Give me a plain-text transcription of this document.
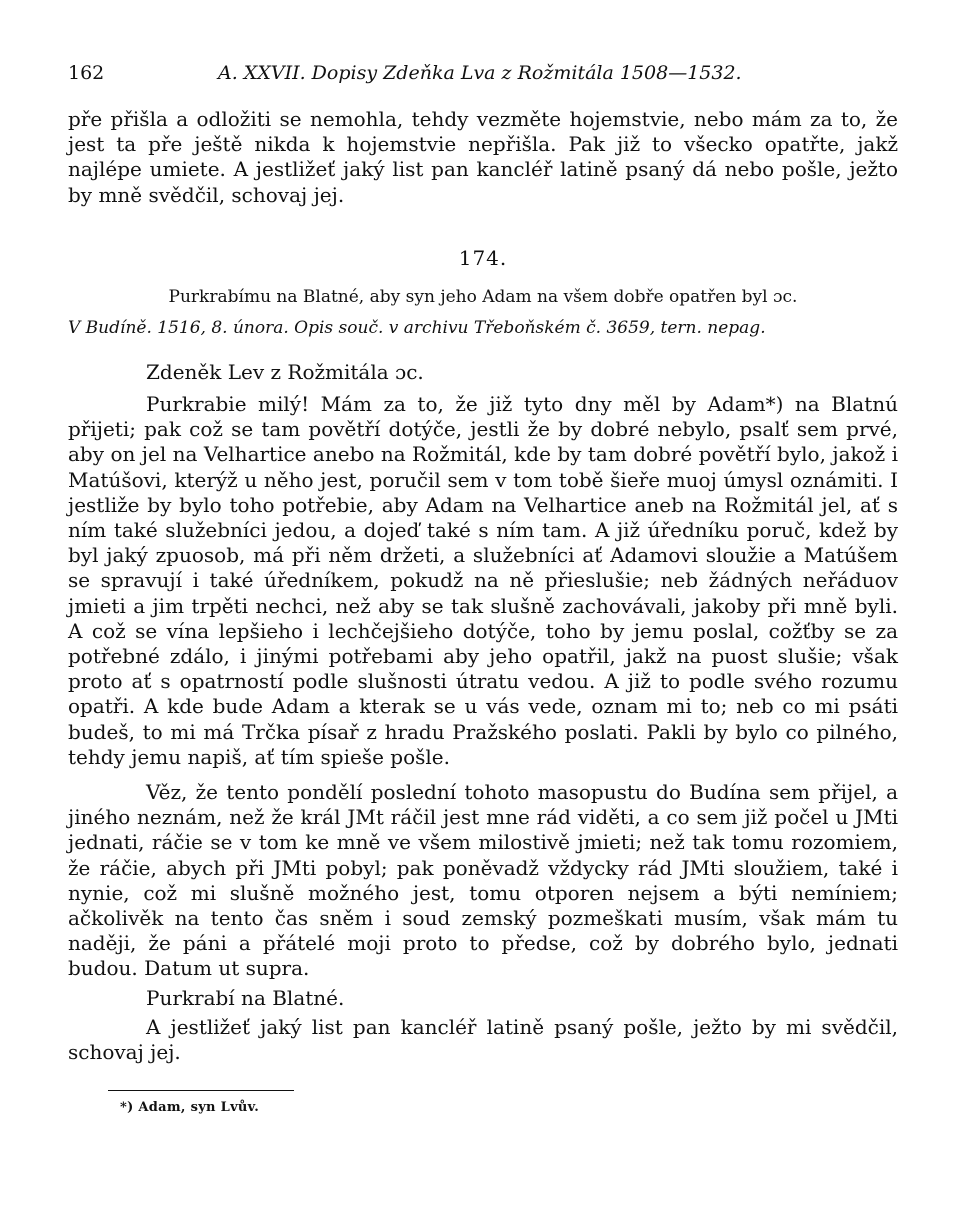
162	A. XXVII. Dopisy Zdeňka Lva z Rožmitála 1508—1532.

pře přišla a odložiti se nemohla, tehdy vezměte hojemstvie, nebo mám za to, že jest ta pře ještě nikda k hojemstvie nepřišla. Pak již to všecko opatřte, jakž najlépe umiete. A jestližeť jaký list pan kancléř latině psaný dá nebo pošle, ježto by mně svědčil, schovaj jej.

174.
Purkrabímu na Blatné, aby syn jeho Adam na všem dobře opatřen byl ɔc.
V Budíně. 1516, 8. února. Opis souč. v archivu Třeboňském č. 3659, tern. nepag.
Zdeněk Lev z Rožmitála ɔc.

Purkrabie milý! Mám za to, že již tyto dny měl by Adam*) na Blatnú přijeti; pak což se tam povětří dotýče, jestli že by dobré nebylo, psalť sem prvé, aby on jel na Velhartice anebo na Rožmitál, kde by tam dobré povětří bylo, jakož i Matúšovi, kterýž u něho jest, poručil sem v tom tobě šieře muoj úmysl oznámiti. I jestliže by bylo toho potřebie, aby Adam na Velhartice aneb na Rožmitál jel, ať s ním také služebníci jedou, a dojeď také s ním tam. A již úředníku poruč, kdež by byl jaký zpuosob, má při něm držeti, a služebníci ať Adamovi sloužie a Matúšem se spravují i také úředníkem, pokudž na ně přieslušie; neb žádných neřáduov jmieti a jim trpěti nechci, než aby se tak slušně zachovávali, jakoby při mně byli. A což se vína lepšieho i lechčejšieho dotýče, toho by jemu poslal, cožťby se za potřebné zdálo, i jinými potřebami aby jeho opatřil, jakž na puost slušie; však proto ať s opatrností podle slušnosti útratu vedou. A již to podle svého rozumu opatři. A kde bude Adam a kterak se u vás vede, oznam mi to; neb co mi psáti budeš, to mi má Trčka písař z hradu Pražského poslati. Pakli by bylo co pilného, tehdy jemu napiš, ať tím spieše pošle.

Věz, že tento pondělí poslední tohoto masopustu do Budína sem přijel, a jiného neznám, než že král JMt ráčil jest mne rád viděti, a co sem již počel u JMti jednati, ráčie se v tom ke mně ve všem milostivě jmieti; než tak tomu rozomiem, že ráčie, abych při JMti pobyl; pak poněvadž vždycky rád JMti sloužiem, také i nynie, což mi slušně možného jest, tomu otporen nejsem a býti nemíniem; ačkolivěk na tento čas sněm i soud zemský pozmeškati musím, však mám tu naději, že páni a přátelé moji proto to předse, což by dobrého bylo, jednati budou. Datum ut supra.

Purkrabí na Blatné.

A jestližeť jaký list pan kancléř latině psaný pošle, ježto by mi svědčil, schovaj jej.

*) Adam, syn Lvův.
